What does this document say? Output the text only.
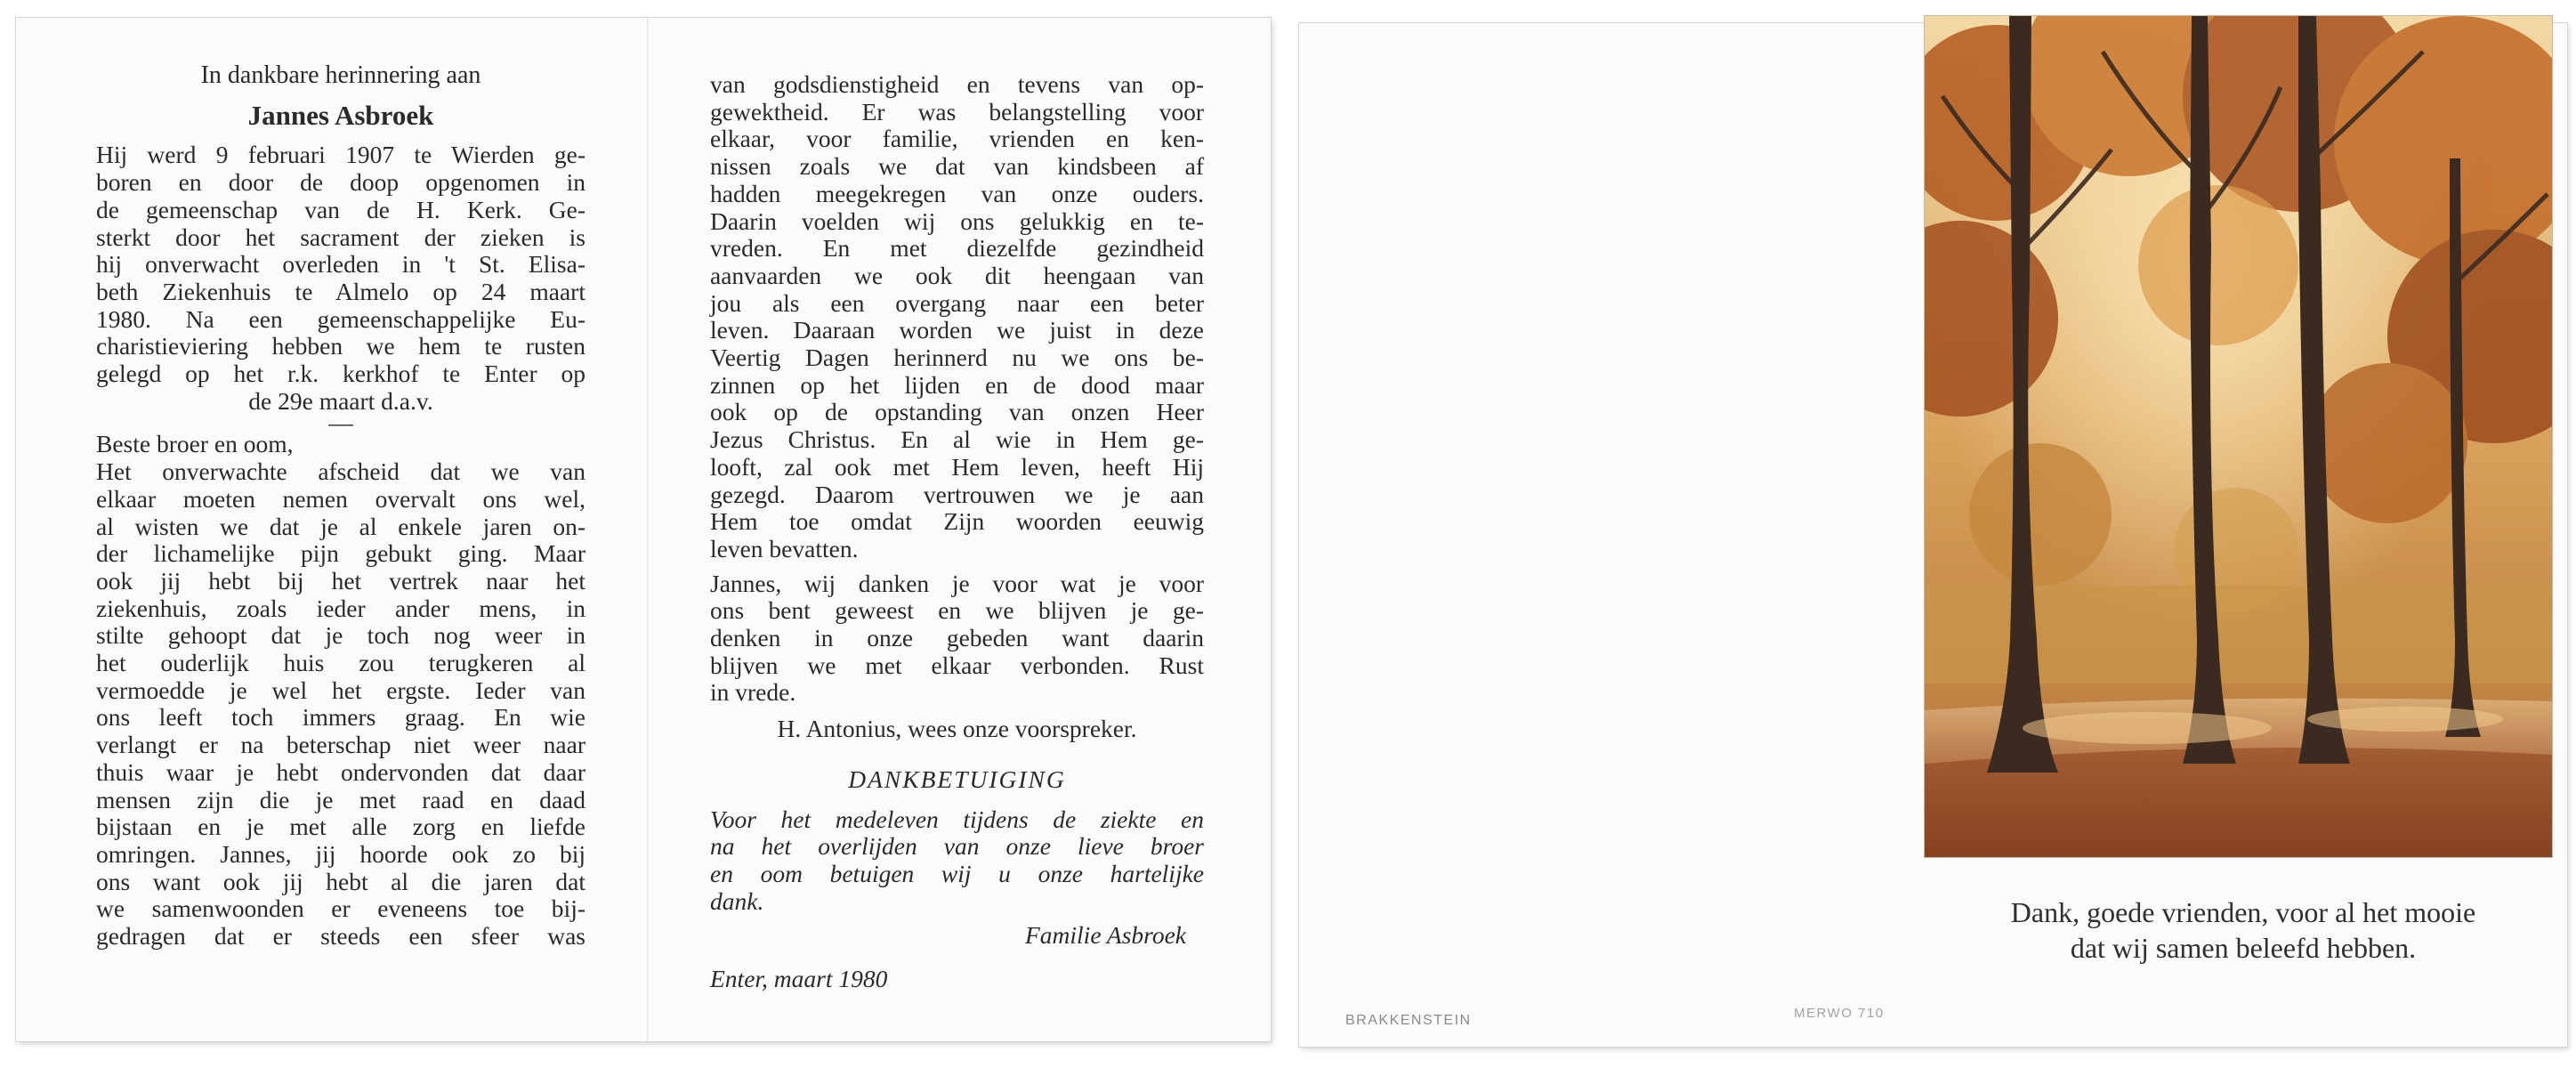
In dankbare herinnering aan

Jannes Asbroek

Hij werd 9 februari 1907 te Wierden ge-

boren en door de doop opgenomen in

de gemeenschap van de H. Kerk. Ge-

sterkt door het sacrament der zieken is

hij onverwacht overleden in 't St. Elisa-

beth Ziekenhuis te Almelo op 24 maart

1980. Na een gemeenschappelijke Eu-

charistieviering hebben we hem te rusten

gelegd op het r.k. kerkhof te Enter op

de 29e maart d.a.v.

—

Beste broer en oom,

Het onverwachte afscheid dat we van

elkaar moeten nemen overvalt ons wel,

al wisten we dat je al enkele jaren on-

der lichamelijke pijn gebukt ging. Maar

ook jij hebt bij het vertrek naar het

ziekenhuis, zoals ieder ander mens, in

stilte gehoopt dat je toch nog weer in

het ouderlijk huis zou terugkeren al

vermoedde je wel het ergste. Ieder van

ons leeft toch immers graag. En wie

verlangt er na beterschap niet weer naar

thuis waar je hebt ondervonden dat daar

mensen zijn die je met raad en daad

bijstaan en je met alle zorg en liefde

omringen. Jannes, jij hoorde ook zo bij

ons want ook jij hebt al die jaren dat

we samenwoonden er eveneens toe bij-

gedragen dat er steeds een sfeer was

van godsdienstigheid en tevens van op-

gewektheid. Er was belangstelling voor

elkaar, voor familie, vrienden en ken-

nissen zoals we dat van kindsbeen af

hadden meegekregen van onze ouders.

Daarin voelden wij ons gelukkig en te-

vreden. En met diezelfde gezindheid

aanvaarden we ook dit heengaan van

jou als een overgang naar een beter

leven. Daaraan worden we juist in deze

Veertig Dagen herinnerd nu we ons be-

zinnen op het lijden en de dood maar

ook op de opstanding van onzen Heer

Jezus Christus. En al wie in Hem ge-

looft, zal ook met Hem leven, heeft Hij

gezegd. Daarom vertrouwen we je aan

Hem toe omdat Zijn woorden eeuwig

leven bevatten.

Jannes, wij danken je voor wat je voor

ons bent geweest en we blijven je ge-

denken in onze gebeden want daarin

blijven we met elkaar verbonden. Rust

in vrede.

H. Antonius, wees onze voorspreker.

DANKBETUIGING

Voor het medeleven tijdens de ziekte en

na het overlijden van onze lieve broer

en oom betuigen wij u onze hartelijke

dank.

Familie Asbroek

Enter, maart 1980

Dank, goede vrienden, voor al het mooie
dat wij samen beleefd hebben.
BRAKKENSTEIN	MERWO 710
